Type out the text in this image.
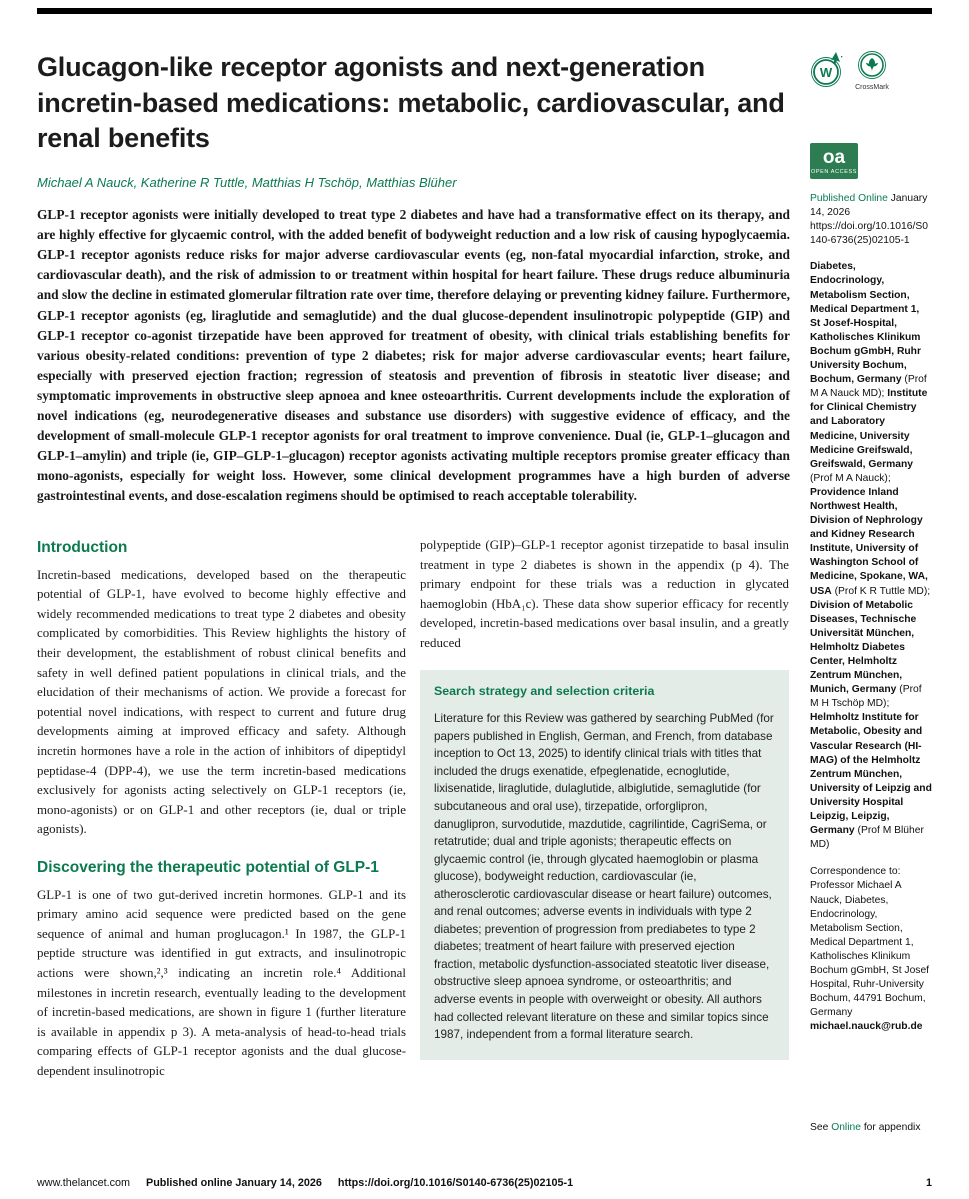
Glucagon-like receptor agonists and next-generation incretin-based medications: metabolic, cardiovascular, and renal benefits
Michael A Nauck, Katherine R Tuttle, Matthias H Tschöp, Matthias Blüher

GLP-1 receptor agonists were initially developed to treat type 2 diabetes and have had a transformative effect on its therapy, and are highly effective for glycaemic control, with the added benefit of bodyweight reduction and a low risk of causing hypoglycaemia. GLP-1 receptor agonists reduce risks for major adverse cardiovascular events (eg, non-fatal myocardial infarction, stroke, and cardiovascular death), and the risk of admission to or treatment within hospital for heart failure. These drugs reduce albuminuria and slow the decline in estimated glomerular filtration rate over time, therefore delaying or preventing kidney failure. Furthermore, GLP-1 receptor agonists (eg, liraglutide and semaglutide) and the dual glucose-dependent insulinotropic polypeptide (GIP) and GLP-1 receptor co-agonist tirzepatide have been approved for treatment of obesity, with clinical trials establishing benefits for various obesity-related conditions: prevention of type 2 diabetes; risk for major adverse cardiovascular events; heart failure, especially with preserved ejection fraction; regression of steatosis and prevention of fibrosis in steatotic liver disease; and symptomatic improvements in obstructive sleep apnoea and knee osteoarthritis. Current developments include the exploration of novel indications (eg, neurodegenerative diseases and substance use disorders) with suggestive evidence of efficacy, and the development of small-molecule GLP-1 receptor agonists for oral treatment to improve convenience. Dual (ie, GLP-1–glucagon and GLP-1–amylin) and triple (ie, GIP–GLP-1–glucagon) receptor agonists activating multiple receptors promise greater efficacy than mono-agonists, especially for weight loss. However, some clinical development programmes have a high burden of adverse gastrointestinal events, and dose-escalation regimens should be optimised to reach acceptable tolerability.

Introduction

Incretin-based medications, developed based on the therapeutic potential of GLP-1, have evolved to become highly effective and widely recommended medications to treat type 2 diabetes and obesity complicated by comorbidities. This Review highlights the history of their development, the establishment of robust clinical benefits and safety in well defined patient populations in clinical trials, and the elucidation of their mechanisms of action. We provide a forecast for potential novel indications, with respect to current and future drug developments aiming at improved efficacy and safety. Although incretin hormones have a role in the action of inhibitors of dipeptidyl peptidase-4 (DPP-4), we use the term incretin-based medications exclusively for agonists acting selectively on GLP-1 receptors (ie, mono-agonists) or on GLP-1 and other receptors (ie, dual or triple agonists).

Discovering the therapeutic potential of GLP-1

GLP-1 is one of two gut-derived incretin hormones. GLP-1 and its primary amino acid sequence were predicted based on the gene sequence of animal and human proglucagon.¹ In 1987, the GLP-1 peptide structure was identified in gut extracts, and insulinotropic actions were shown,²,³ indicating an incretin role.⁴ Additional milestones in incretin research, eventually leading to the development of incretin-based medications, are shown in figure 1 (further literature is available in appendix p 3). A meta-analysis of head-to-head trials comparing effects of GLP-1 receptor agonists and the dual glucose-dependent insulinotropic

polypeptide (GIP)–GLP-1 receptor agonist tirzepatide to basal insulin treatment in type 2 diabetes is shown in the appendix (p 4). The primary endpoint for these trials was a reduction in glycated haemoglobin (HbA₁c). These data show superior efficacy for recently developed, incretin-based medications over basal insulin, and a greatly reduced

Search strategy and selection criteria
Literature for this Review was gathered by searching PubMed (for papers published in English, German, and French, from database inception to Oct 13, 2025) to identify clinical trials with titles that included the drugs exenatide, efpeglenatide, ecnoglutide, lixisenatide, liraglutide, dulaglutide, albiglutide, semaglutide (for subcutaneous and oral use), tirzepatide, orforglipron, danuglipron, survodutide, mazdutide, cagrilintide, CagriSema, or retatrutide; dual and triple agonists; therapeutic effects on glycaemic control (ie, through glycated haemoglobin or plasma glucose), bodyweight reduction, cardiovascular (ie, atherosclerotic cardiovascular disease or heart failure) outcomes, and renal outcomes; adverse events in individuals with type 2 diabetes; prevention of progression from prediabetes to type 2 diabetes; treatment of heart failure with preserved ejection fraction, metabolic dysfunction-associated steatotic liver disease, obstructive sleep apnoea syndrome, or osteoarthritis; and adverse events in people with overweight or obesity. All authors had collected relevant literature on these and similar topics since 1987, independent from a formal literature search.
W
CrossMark
oa
OPEN ACCESS
Published Online January 14, 2026
https://doi.org/10.1016/S0140-6736(25)02105-1
Diabetes, Endocrinology, Metabolism Section, Medical Department 1, St Josef-Hospital, Katholisches Klinikum Bochum gGmbH, Ruhr University Bochum, Bochum, Germany (Prof M A Nauck MD); Institute for Clinical Chemistry and Laboratory Medicine, University Medicine Greifswald, Greifswald, Germany (Prof M A Nauck); Providence Inland Northwest Health, Division of Nephrology and Kidney Research Institute, University of Washington School of Medicine, Spokane, WA, USA (Prof K R Tuttle MD); Division of Metabolic Diseases, Technische Universität München, Helmholtz Diabetes Center, Helmholtz Zentrum München, Munich, Germany (Prof M H Tschöp MD); Helmholtz Institute for Metabolic, Obesity and Vascular Research (HI-MAG) of the Helmholtz Zentrum München, University of Leipzig and University Hospital Leipzig, Leipzig, Germany (Prof M Blüher MD)
Correspondence to:
Professor Michael A Nauck, Diabetes, Endocrinology, Metabolism Section, Medical Department 1, Katholisches Klinikum Bochum gGmbH, St Josef Hospital, Ruhr-University Bochum, 44791 Bochum, Germany
michael.nauck@rub.de
See Online for appendix
www.thelancet.com Published online January 14, 2026 https://doi.org/10.1016/S0140-6736(25)02105-1	1
